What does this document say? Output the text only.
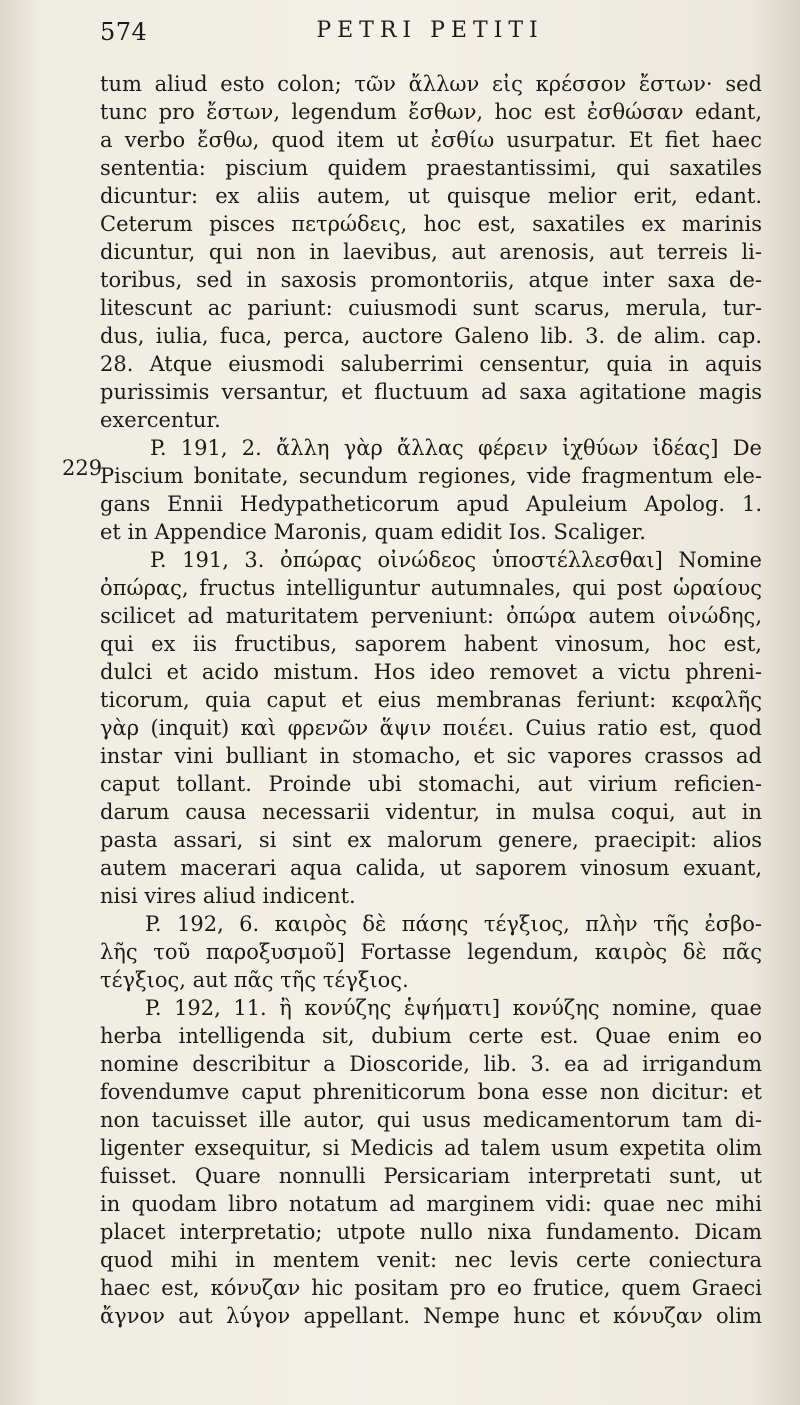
574	PETRI PETITI
229
tum aliud esto colon; τῶν ἄλλων εἰς κρέσσον ἔστων· sed
tunc pro ἔστων, legendum ἔσθων, hoc est ἐσθώσαν edant,
a verbo ἔσθω, quod item ut ἐσθίω usurpatur. Et fiet haec
sententia: piscium quidem praestantissimi, qui saxatiles
dicuntur: ex aliis autem, ut quisque melior erit, edant.
Ceterum pisces πετρώδεις, hoc est, saxatiles ex marinis
dicuntur, qui non in laevibus, aut arenosis, aut terreis li-
toribus, sed in saxosis promontoriis, atque inter saxa de-
litescunt ac pariunt: cuiusmodi sunt scarus, merula, tur-
dus, iulia, fuca, perca, auctore Galeno lib. 3. de alim. cap.
28. Atque eiusmodi saluberrimi censentur, quia in aquis
purissimis versantur, et fluctuum ad saxa agitatione magis
exercentur.
P. 191, 2. ἄλλη γὰρ ἄλλας φέρειν ἰχθύων ἰδέας] De
Piscium bonitate, secundum regiones, vide fragmentum ele-
gans Ennii Hedypatheticorum apud Apuleium Apolog. 1.
et in Appendice Maronis, quam edidit Ios. Scaliger.
P. 191, 3. ὀπώρας οἰνώδεος ὑποστέλλεσθαι] Nomine
ὀπώρας, fructus intelliguntur autumnales, qui post ὡραίους
scilicet ad maturitatem perveniunt: ὀπώρα autem οἰνώδης,
qui ex iis fructibus, saporem habent vinosum, hoc est,
dulci et acido mistum. Hos ideo removet a victu phreni-
ticorum, quia caput et eius membranas feriunt: κεφαλῆς
γὰρ (inquit) καὶ φρενῶν ἅψιν ποιέει. Cuius ratio est, quod
instar vini bulliant in stomacho, et sic vapores crassos ad
caput tollant. Proinde ubi stomachi, aut virium reficien-
darum causa necessarii videntur, in mulsa coqui, aut in
pasta assari, si sint ex malorum genere, praecipit: alios
autem macerari aqua calida, ut saporem vinosum exuant,
nisi vires aliud indicent.
P. 192, 6. καιρὸς δὲ πάσης τέγξιος, πλὴν τῆς ἐσβο-
λῆς τοῦ παροξυσμοῦ] Fortasse legendum, καιρὸς δὲ πᾶς
τέγξιος, aut πᾶς τῆς τέγξιος.
P. 192, 11. ἢ κονύζης ἑψήματι] κονύζης nomine, quae
herba intelligenda sit, dubium certe est. Quae enim eo
nomine describitur a Dioscoride, lib. 3. ea ad irrigandum
fovendumve caput phreniticorum bona esse non dicitur: et
non tacuisset ille autor, qui usus medicamentorum tam di-
ligenter exsequitur, si Medicis ad talem usum expetita olim
fuisset. Quare nonnulli Persicariam interpretati sunt, ut
in quodam libro notatum ad marginem vidi: quae nec mihi
placet interpretatio; utpote nullo nixa fundamento. Dicam
quod mihi in mentem venit: nec levis certe coniectura
haec est, κόνυζαν hic positam pro eo frutice, quem Graeci
ἄγνον aut λύγον appellant. Nempe hunc et κόνυζαν olim
